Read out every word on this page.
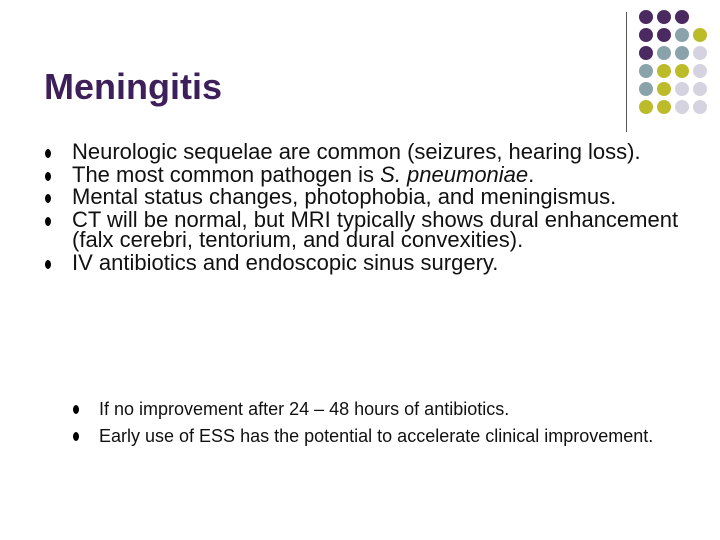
Meningitis
Neurologic sequelae are common (seizures, hearing loss).
The most common pathogen is S. pneumoniae.
Mental status changes, photophobia, and meningismus.
CT will be normal, but MRI typically shows dural enhancement (falx cerebri, tentorium, and dural convexities).
IV antibiotics and endoscopic sinus surgery.
If no improvement after 24 – 48 hours of antibiotics.
Early use of ESS has the potential to accelerate clinical improvement.
